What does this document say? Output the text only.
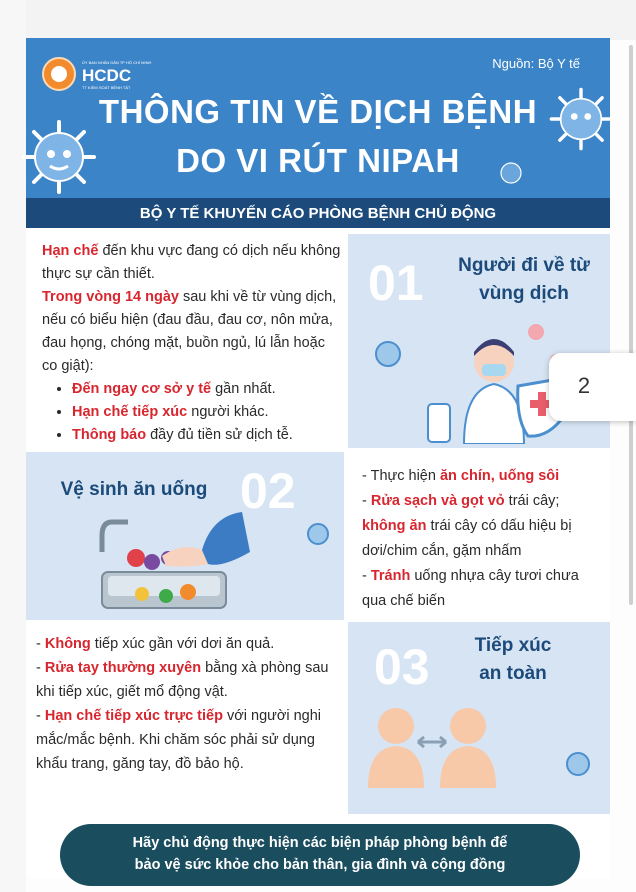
ỦY BAN NHÂN DÂN TP HỒ CHÍ MINH
HCDC
TT KIỂM SOÁT BỆNH TẬT
Nguồn: Bộ Y tế
THÔNG TIN VỀ DỊCH BỆNH
DO VI RÚT NIPAH
BỘ Y TẾ KHUYẾN CÁO PHÒNG BỆNH CHỦ ĐỘNG

Hạn chế đến khu vực đang có dịch nếu không thực sự cần thiết.

Trong vòng 14 ngày sau khi về từ vùng dịch, nếu có biểu hiện (đau đầu, đau cơ, nôn mửa, đau họng, chóng mặt, buồn ngủ, lú lẫn hoặc co giật):

• Đến ngay cơ sở y tế gần nhất.
• Hạn chế tiếp xúc người khác.
• Thông báo đầy đủ tiền sử dịch tễ.
01	Người đi về từ
vùng dịch
Vệ sinh ăn uống 02	- Thực hiện ăn chín, uống sôi

- Rửa sạch và gọt vỏ trái cây;

không ăn trái cây có dấu hiệu bị dơi/chim cắn, gặm nhấm

- Tránh uống nhựa cây tươi chưa qua chế biến

- Không tiếp xúc gần với dơi ăn quả.

- Rửa tay thường xuyên bằng xà phòng sau khi tiếp xúc, giết mổ động vật.

- Hạn chế tiếp xúc trực tiếp với người nghi mắc/mắc bệnh. Khi chăm sóc phải sử dụng khẩu trang, găng tay, đồ bảo hộ.

03	Tiếp xúc
an toàn
Hãy chủ động thực hiện các biện pháp phòng bệnh để
bảo vệ sức khỏe cho bản thân, gia đình và cộng đồng
2
